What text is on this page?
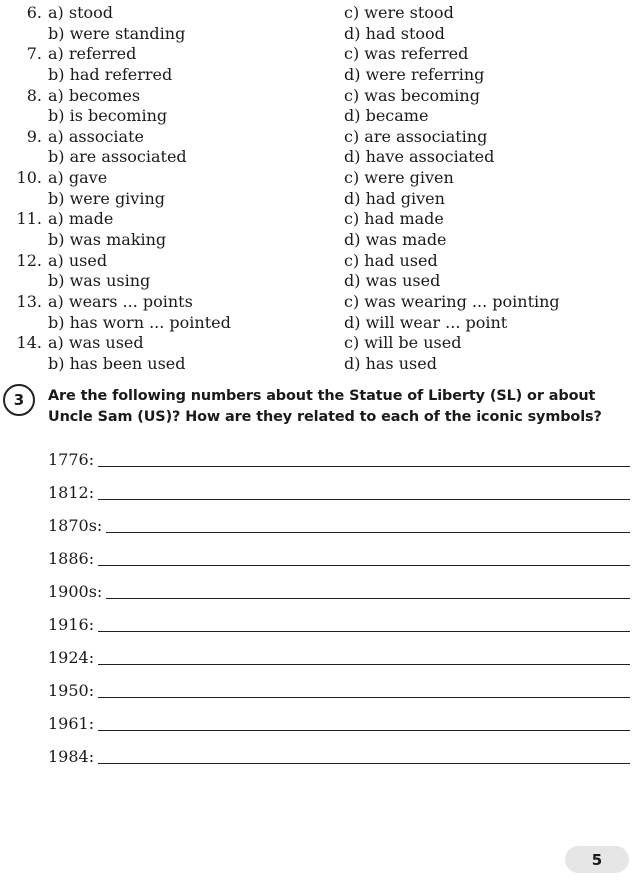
6. a) stood	c) were stood
b) were standing	d) had stood
7. a) referred	c) was referred
b) had referred	d) were referring
8. a) becomes	c) was becoming
b) is becoming	d) became
9. a) associate	c) are associating
b) are associated	d) have associated
10. a) gave	c) were given
b) were giving	d) had given
11. a) made	c) had made
b) was making	d) was made
12. a) used	c) had used
b) was using	d) was used
13. a) wears ... points	c) was wearing ... pointing
b) has worn ... pointed	d) will wear ... point
14. a) was used	c) will be used
b) has been used	d) has used
3	Are the following numbers about the Statue of Liberty (SL) or about Uncle Sam (US)? How are they related to each of the iconic symbols?
1776:
1812:
1870s:
1886:
1900s:
1916:
1924:
1950:
1961:
1984:
5
